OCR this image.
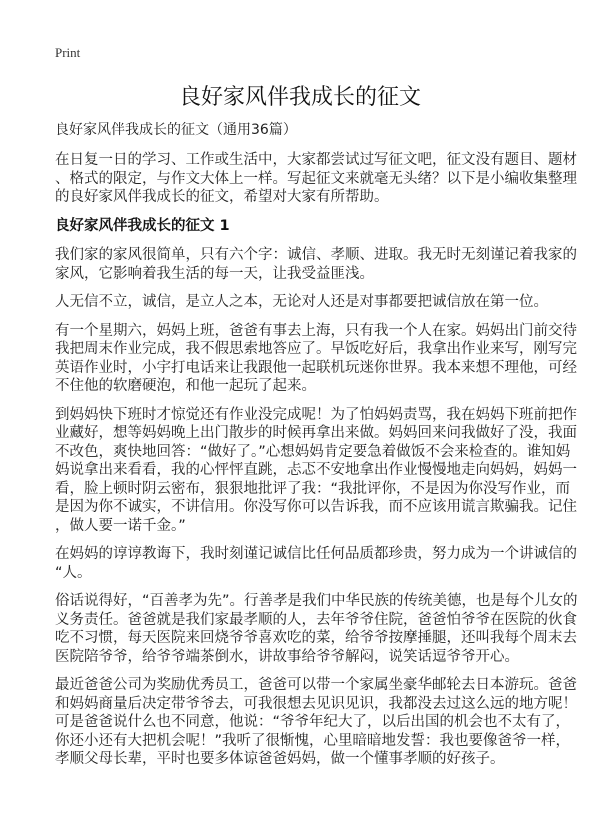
Print
良好家风伴我成长的征文
良好家风伴我成长的征文（通用36篇）
在日复一日的学习、工作或生活中，大家都尝试过写征文吧，征文没有题目、题材
、格式的限定，与作文大体上一样。写起征文来就毫无头绪？以下是小编收集整理
的良好家风伴我成长的征文，希望对大家有所帮助。
良好家风伴我成长的征文 1
我们家的家风很简单，只有六个字：诚信、孝顺、进取。我无时无刻谨记着我家的
家风，它影响着我生活的每一天，让我受益匪浅。
人无信不立，诚信，是立人之本，无论对人还是对事都要把诚信放在第一位。
有一个星期六，妈妈上班，爸爸有事去上海，只有我一个人在家。妈妈出门前交待
我把周末作业完成，我不假思索地答应了。早饭吃好后，我拿出作业来写，刚写完
英语作业时，小宇打电话来让我跟他一起联机玩迷你世界。我本来想不理他，可经
不住他的软磨硬泡，和他一起玩了起来。
到妈妈快下班时才惊觉还有作业没完成呢！为了怕妈妈责骂，我在妈妈下班前把作
业藏好，想等妈妈晚上出门散步的时候再拿出来做。妈妈回来问我做好了没，我面
不改色，爽快地回答：“做好了。”心想妈妈肯定要急着做饭不会来检查的。谁知妈
妈说拿出来看看，我的心怦怦直跳，忐忑不安地拿出作业慢慢地走向妈妈，妈妈一
看，脸上顿时阴云密布，狠狠地批评了我：“我批评你，不是因为你没写作业，而
是因为你不诚实，不讲信用。你没写你可以告诉我，而不应该用谎言欺骗我。记住
，做人要一诺千金。”
在妈妈的谆谆教诲下，我时刻谨记诚信比任何品质都珍贵，努力成为一个讲诚信的
“人。
俗话说得好，“百善孝为先”。行善孝是我们中华民族的传统美德，也是每个儿女的
义务责任。爸爸就是我们家最孝顺的人，去年爷爷住院，爸爸怕爷爷在医院的伙食
吃不习惯，每天医院来回烧爷爷喜欢吃的菜，给爷爷按摩捶腿，还叫我每个周末去
医院陪爷爷，给爷爷端茶倒水，讲故事给爷爷解闷，说笑话逗爷爷开心。
最近爸爸公司为奖励优秀员工，爸爸可以带一个家属坐豪华邮轮去日本游玩。爸爸
和妈妈商量后决定带爷爷去，可我很想去见识见识，我都没去过这么远的地方呢！
可是爸爸说什么也不同意，他说：“爷爷年纪大了，以后出国的机会也不太有了，
你还小还有大把机会呢！”我听了很惭愧，心里暗暗地发誓：我也要像爸爷一样，
孝顺父母长辈，平时也要多体谅爸爸妈妈，做一个懂事孝顺的好孩子。
